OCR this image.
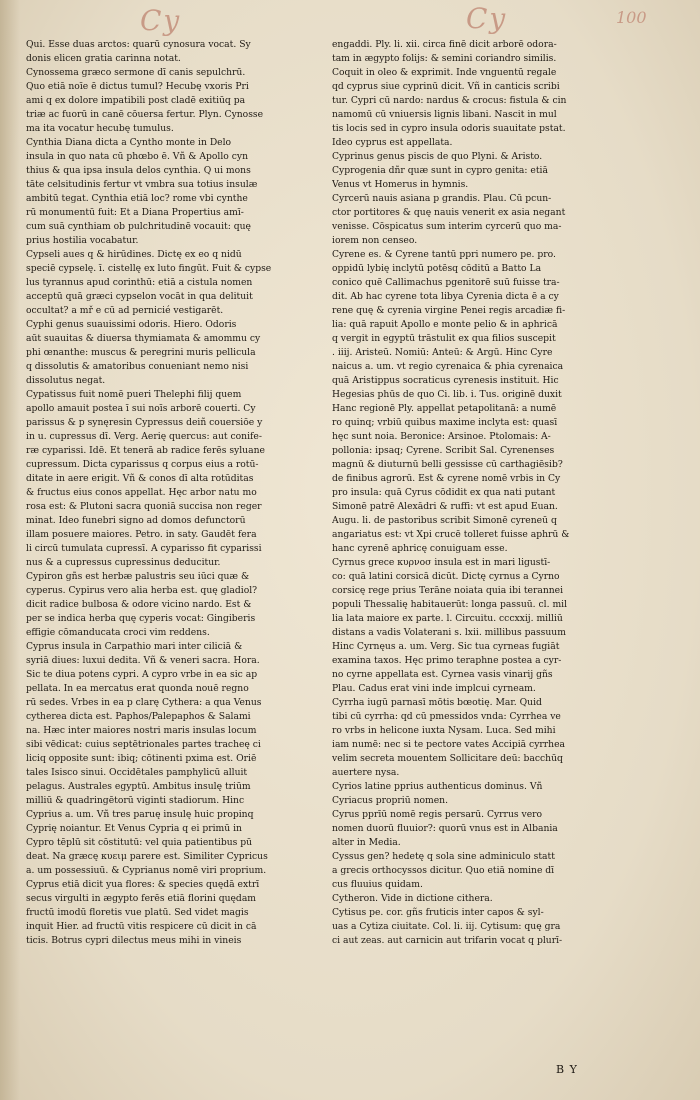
Cy	Cy	100
Qui. Esse duas arctos: quarū cynosura vocat. Sy
donis elicen gratia carinna notat.
Cynossema græco sermone dī canis sepulchrū.
Quo etiā noīe ē dictus tumul? Hecubę vxoris Pri
ami q ex dolore impatibili post cladē exitiūq pa
triæ ac fuorū in canē cōuersa fertur. Plyn. Cynosse
ma ita vocatur hecubę tumulus.
Cynthia Diana dicta a Cyntho monte in Delo
insula in quo nata cū phœbo ē. Vñ & Apollo cyn
thius & qua ipsa insula delos cynthia. Q ui mons
tāte celsitudinis fertur vt vmbra sua totius insulæ
ambitū tegat. Cynthia etiā loc? rome vbi cynthe
rū monumentū fuit: Et a Diana Propertius amī-
cum suā cynthiam ob pulchritudinē vocauit: quę
prius hostilia vocabatur.
Cypseli aues q & hirūdines. Dictę ex eo q nidū
speciē cypselę. ī. cistellę ex luto fingūt. Fuit & cypse
lus tyrannus apud corinthū: etiā a cistula nomen
acceptū quā græci cypselon vocāt in qua delituit
occultat? a mř e cū ad pernicié vestigarēt.
Cyphi genus suauissimi odoris. Hiero. Odoris
aūt suauitas & diuersa thymiamata & amommu cy
phi œnanthe: muscus & peregrini muris pellicula
q dissolutis & amatoribus conueniant nemo nisi
dissolutus negat.
Cypatissus fuit nomē pueri Thelephi filij quem
apollo amauit postea ī sui noīs arborē couerti. Cy
parissus & p synęresin Cypressus deiñ couersiōe y
in u. cupressus dī. Verg. Aerię quercus: aut conife-
ræ cyparissi. Idē. Et tenerā ab radice ferēs syluane
cupressum. Dicta cyparissus q corpus eius a rotū-
ditate in aere erigit. Vñ & conos dī alta rotūditas
& fructus eius conos appellat. Hęc arbor natu mo
rosa est: & Plutoni sacra quoniā succisa non reger
minat. Ideo funebri signo ad domos defunctorū
illam posuere maiores. Petro. in saty. Gaudēt fera
li circū tumulata cupressī. A cyparisso fit cyparissi
nus & a cupressus cupressinus deducitur.
Cypiron gñs est herbæ palustris seu iūci quæ &
cyperus. Cypirus vero alia herba est. quę gladiol?
dicit radice bulbosa & odore vicino nardo. Est &
per se indica herba quę cyperis vocat: Gingiberis
effigie cōmanducata croci vim reddens.
Cyprus insula in Carpathio mari inter ciliciā &
syriā diues: luxui dedita. Vñ & veneri sacra. Hora.
Sic te diua potens cypri. A cypro vrbe in ea sic ap
pellata. In ea mercatus erat quonda nouē regno
rū sedes. Vrbes in ea p clarę Cythera: a qua Venus
cytherea dicta est. Paphos/Palepaphos & Salami
na. Hæc inter maiores nostri maris insulas locum
sibi vēdicat: cuius septētrionales partes tracheę ci
liciq opposite sunt: ibiq; cōtinenti pxima est. Oriē
tales Isisco sinui. Occidētales pamphylicū alluit
pelagus. Australes egyptū. Ambitus insulę triūm
milliū & quadringētorū viginti stadiorum. Hinc
Cyprius a. um. Vñ tres paruę insulę huic propinq
Cyprię noiantur. Et Venus Cypria q ei primū in
Cypro tēplū sit cōstitutū: vel quia patientibus pū
deat. Na græcę κυειμ parere est. Similiter Cypricus
a. um possessiuū. & Cyprianus nomē viri proprium.
Cyprus etiā dicit yua flores: & species quędā extrī
secus virgulti in ægypto ferēs etiā florini quędam
fructū imodū floretis vue platū. Sed videt magis
inquit Hier. ad fructū vitis respicere cū dicit in cā
ticis. Botrus cypri dilectus meus mihi in vineis
engaddi. Ply. li. xii. circa finē dicit arborē odora-
tam in ægypto folijs: & semini coriandro similis.
Coquit in oleo & exprimit. Inde vnguentū regale
qd cyprus siue cyprinū dicit. Vñ in canticis scribi
tur. Cypri cū nardo: nardus & crocus: fistula & cin
namomū cū vniuersis lignis libani. Nascit in mul
tis locis sed in cypro insula odoris suauitate pstat.
Ideo cyprus est appellata.
Cyprinus genus piscis de quo Plyni. & Aristo.
Cyprogenia dñr quæ sunt in cypro genita: etiā
Venus vt Homerus in hymnis.
Cyrcerū nauis asiana p grandis. Plau. Cū pcun-
ctor portitores & quę nauis venerit ex asia negant
venisse. Cōspicatus sum interim cyrcerū quo ma-
iorem non censeo.
Cyrene es. & Cyrene tantū ppri numero pe. pro.
oppidū lybię inclytū potēsq cōditū a Batto La
conico quē Callimachus pgenitorē suū fuisse tra-
dit. Ab hac cyrene tota libya Cyrenia dicta ē a cy
rene quę & cyrenia virgine Penei regis arcadiæ fi-
lia: quā rapuit Apollo e monte pelio & in aphricā
q vergit in egyptū trāstulit ex qua filios suscepit
. iiij. Aristeū. Nomiū: Anteū: & Argū. Hinc Cyre
naicus a. um. vt regio cyrenaica & phia cyrenaica
quā Aristippus socraticus cyrenesis instituit. Hic
Hegesias phūs de quo Ci. lib. i. Tus. originē duxit
Hanc regionē Ply. appellat petapolitanā: a numē
ro quinq; vrbiū quibus maxime inclyta est: quasī
hęc sunt noia. Beronice: Arsinoe. Ptolomais: A-
pollonia: ipsaq; Cyrene. Scribit Sal. Cyrenenses
magnū & diuturnū belli gessisse cū carthagiēsib?
de finibus agrorū. Est & cyrene nomē vrbis in Cy
pro insula: quā Cyrus cōdidit ex qua nati putant
Simonē patrē Alexādri & ruffi: vt est apud Euan.
Augu. li. de pastoribus scribit Simonē cyreneū q
angariatus est: vt Xpi crucē tolleret fuisse aphrū &
hanc cyrenē aphricę conuiguam esse.
Cyrnus grece κυρνοσ insula est in mari ligustī-
co: quā latini corsicā dicūt. Dictę cyrnus a Cyrno
corsicę rege prius Terāne noiata quia ibi terannei
populi Thessalię habitauerūt: longa passuū. cl. mil
lia lata maiore ex parte. l. Circuitu. cccxxij. milliū
distans a vadis Volaterani s. lxii. millibus passuum
Hinc Cyrnęus a. um. Verg. Sic tua cyrneas fugiāt
examina taxos. Hęc primo teraphne postea a cyr-
no cyrne appellata est. Cyrnea vasis vinarij gñs
Plau. Cadus erat vini inde implcui cyrneam.
Cyrrha iugū parnasī mōtis bœotię. Mar. Quid
tibi cū cyrrha: qd cū pmessidos vnda: Cyrrhea ve
ro vrbs in helicone iuxta Nysam. Luca. Sed mihi
iam numē: nec si te pectore vates Accipiā cyrrhea
velim secreta mouentem Sollicitare deū: bacchūq
auertere nysa.
Cyrios latine pprius authenticus dominus. Vñ
Cyriacus propriū nomen.
Cyrus pprīū nomē regis persarū. Cyrrus vero
nomen duorū fluuior?: quorū vnus est in Albania
alter in Media.
Cyssus gen? hedetę q sola sine adminiculo statt
a grecis orthocyssos dicitur. Quo etiā nomine dī
cus fluuius quidam.
Cytheron. Vide in dictione cithera.
Cytisus pe. cor. gñs fruticis inter capos & syl-
uas a Cytiza ciuitate. Col. li. iij. Cytisum: quę gra
ci aut zeas. aut carnicin aut trifarin vocat q plurī-
B Y
